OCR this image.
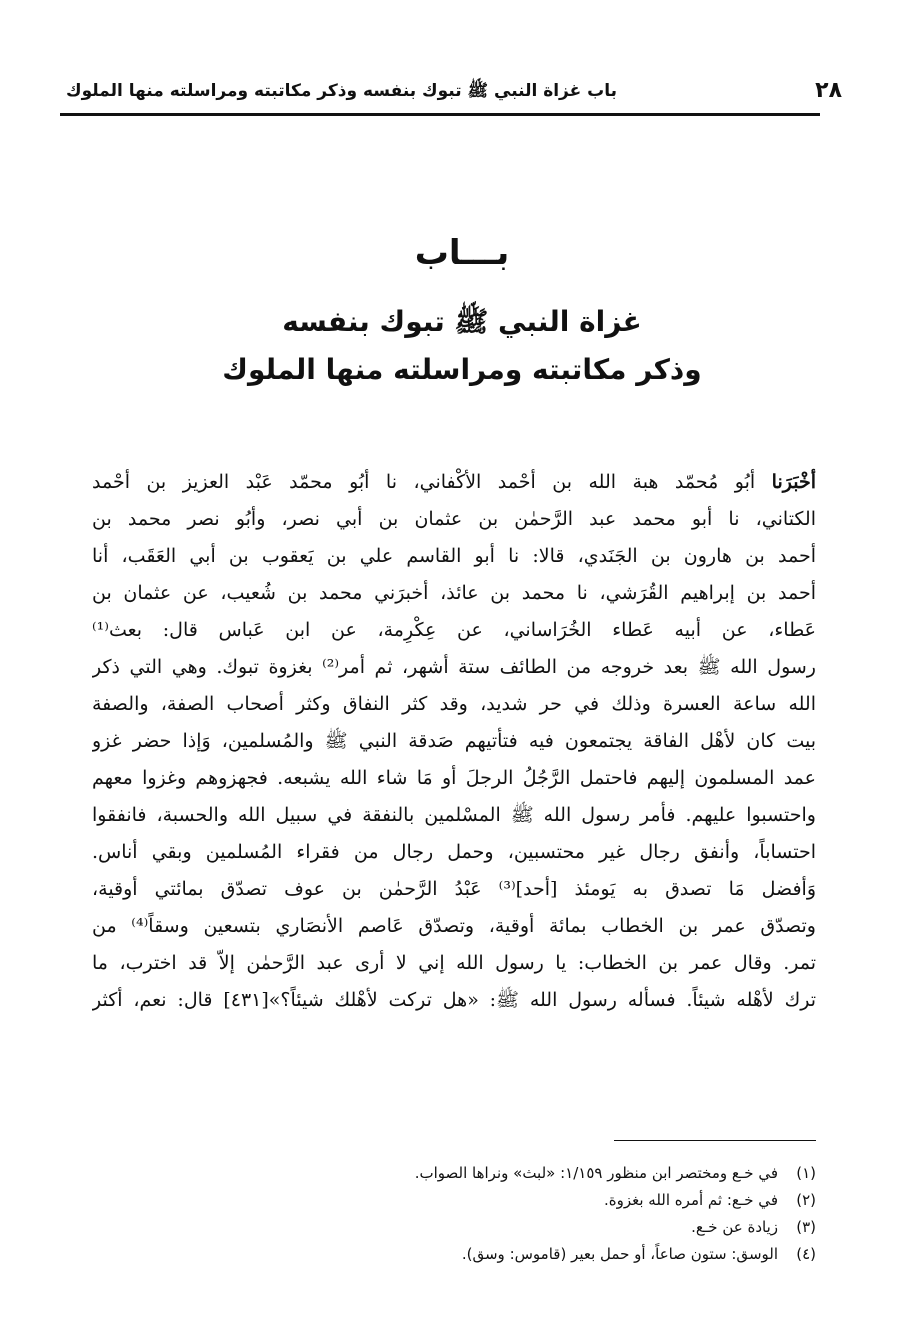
٢٨
باب غزاة النبي ﷺ تبوك بنفسه وذكر مكاتبته ومراسلته منها الملوك
بـــاب
غزاة النبي ﷺ تبوك بنفسه
وذكر مكاتبته ومراسلته منها الملوك
أخْبَرَنا أبُو مُحمّد هبة الله بن أحْمد الأكْفاني، نا أبُو محمّد عَبْد العزيز بن أحْمد
الكتاني، نا أبو محمد عبد الرَّحمٰن بن عثمان بن أبي نصر، وأبُو نصر محمد بن
أحمد بن هارون بن الجَنَدي، قالا: نا أبو القاسم علي بن يَعقوب بن أبي العَقَب، أنا
أحمد بن إبراهيم القُرَشي، نا محمد بن عائذ، أخبرَني محمد بن شُعيب، عن عثمان بن
عَطاء، عن أبيه عَطاء الخُرَاساني، عن عِكْرِمة، عن ابن عَباس قال: بعث⁽¹⁾
رسول الله ﷺ بعد خروجه من الطائف ستة أشهر، ثم أمر⁽²⁾ بغزوة تبوك. وهي التي ذكر
الله ساعة العسرة وذلك في حر شديد، وقد كثر النفاق وكثر أصحاب الصفة، والصفة
بيت كان لأهْل الفاقة يجتمعون فيه فتأتيهم صَدقة النبي ﷺ والمُسلمين، وَإذا حضر غزو
عمد المسلمون إليهم فاحتمل الرَّجُلُ الرجلَ أو مَا شاء الله يشبعه. فجهزوهم وغزوا معهم
واحتسبوا عليهم. فأمر رسول الله ﷺ المسْلمين بالنفقة في سبيل الله والحسبة، فانفقوا
احتساباً، وأنفق رجال غير محتسبين، وحمل رجال من فقراء المُسلمين وبقي أناس.
وَأفضل مَا تصدق به يَومئذ [أحد]⁽³⁾ عَبْدُ الرَّحمٰن بن عوف تصدّق بمائتي أوقية،
وتصدّق عمر بن الخطاب بمائة أوقية، وتصدّق عَاصم الأنصَاري بتسعين وسقاً⁽⁴⁾ من
تمر. وقال عمر بن الخطاب: يا رسول الله إني لا أرى عبد الرَّحمٰن إلاّ قد اخترب، ما
ترك لأهْله شيئاً. فسأله رسول الله ﷺ: «هل تركت لأهْلك شيئاً؟»[٤٣١] قال: نعم، أكثر
(١)في خـع ومختصر ابن منظور ١/١٥٩: «لبث» ونراها الصواب.
(٢)في خـع: ثم أمره الله بغزوة.
(٣)زيادة عن خـع.
(٤)الوسق: ستون صاعاً، أو حمل بعير (قاموس: وسق).
